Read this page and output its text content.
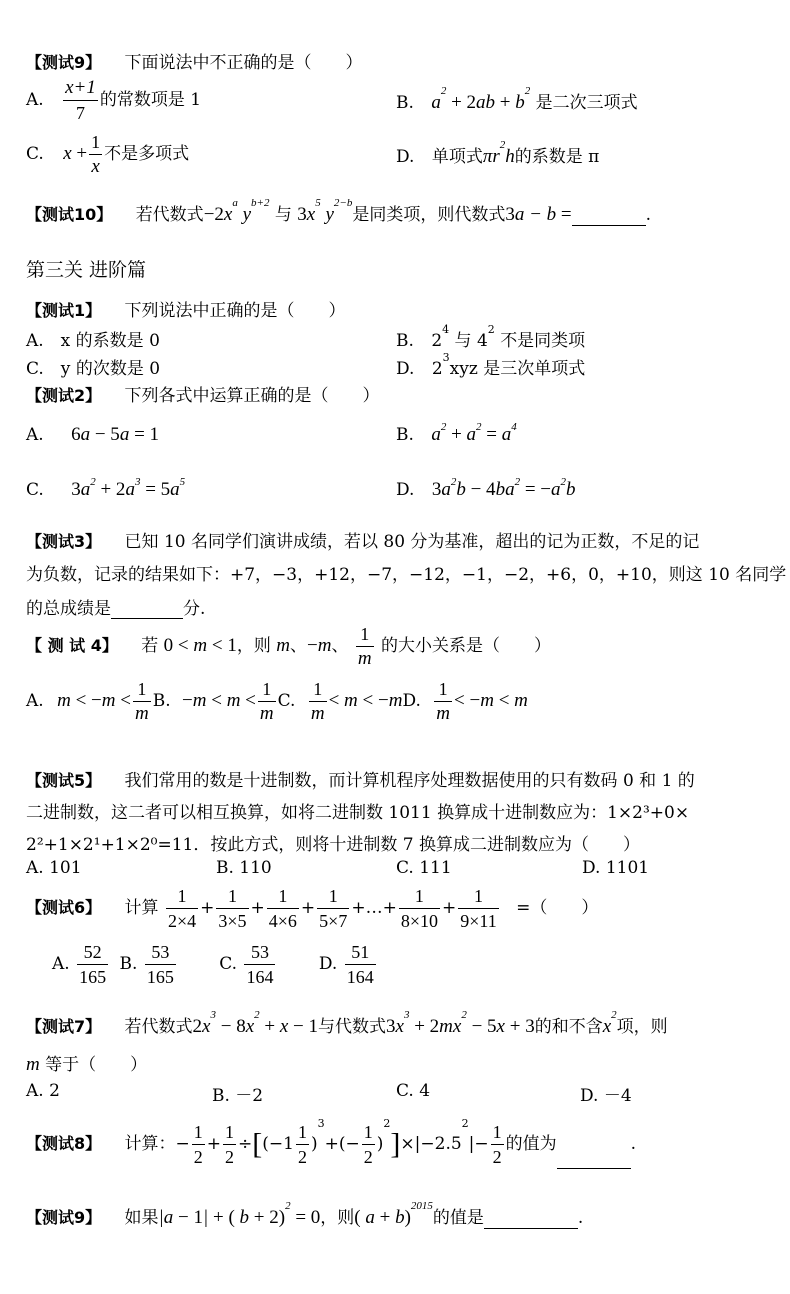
【测试9】 下面说法中不正确的是（　　）
A. $\frac{x+1}{7}$ 的常数项是 1	B. $a^2 + 2ab + b^2$ 是二次三项式
C. $x + \frac{1}{x}$ 不是多项式	D. 单项式$\pi r^2h$的系数是 π
【测试10】 若代数式$-2x^a$ $y^{b+2}$ 与 $3x^5$ $y^{2-b}$是同类项，则代数式3a − b =	.
第三关 进阶篇
【测试1】 下列说法中正确的是（　　）
A.　x 的系数是 0	B. $2^4$ 与 $4^2$ 不是同类项
C.　y 的次数是 0	D. $2^3xyz$ 是三次单项式
【测试2】 下列各式中运算正确的是（　　）
A. 6a − 5a = 1	B. $a^2 + a^2 = a^4$
C. $3a^2 + 2a^3 = 5a^5$	D. $3a^2b - 4ba^2 = -a^2b$
【测试3】 已知 10 名同学们演讲成绩，若以 80 分为基准，超出的记为正数，不足的记
为负数，记录的结果如下：+7，−3，+12，−7，−12，−1，−2，+6，0，+10，则这 10 名同学
的总成绩是	分.
【 测 试 4】 若 0 < m < 1，则 m、−m、 $\frac{1}{m}$ 的大小关系是（　　）
A. $m < -m < \frac{1}{m} B$. $-m < m < \frac{1}{m} C$. $\frac{1}{m} < m < -mD$. $\frac{1}{m} < -m < m$
【测试5】 我们常用的数是十进制数，而计算机程序处理数据使用的只有数码 0 和 1 的
二进制数，这二者可以相互换算，如将二进制数 1011 换算成十进制数应为：1×2³+0×
2²+1×2¹+1×2⁰=11．按此方式，则将十进制数 7 换算成二进制数应为（　　）
A. 101	B. 110	C. 111	D. 1101
【测试6】 计算 $\frac{1}{2\times 4} + \frac{1}{3\times 5} + \frac{1}{4\times 6} + \frac{1}{5\times 7}$ +…+ $\frac{1}{8\times 10} + \frac{1}{9\times 11}$ =（　　）
A. $\frac{52}{165} B$. $\frac{53}{165}$	C. $\frac{53}{164}$	D. $\frac{51}{164}$
【测试7】 若代数式$2x^3 - 8x^2 + x - 1$与代数式$3x^3 + 2mx^2 - 5x + 3$的和不含$x^2$项，则
m 等于（　　）
A. 2	B. －2	C. 4	D. －4
【测试8】 计算：− $\frac{1}{2} + \frac{1}{2} \div[(-1 \frac{1}{2} )^3+(- \frac{1}{2} )^2]\times|-2.5^2|- \frac{1}{2}$ 的值为	.
【测试9】 如果|a − 1| + ( b + 2)$^2$ = 0，则( a + b)$^{2015}$的值是	.
